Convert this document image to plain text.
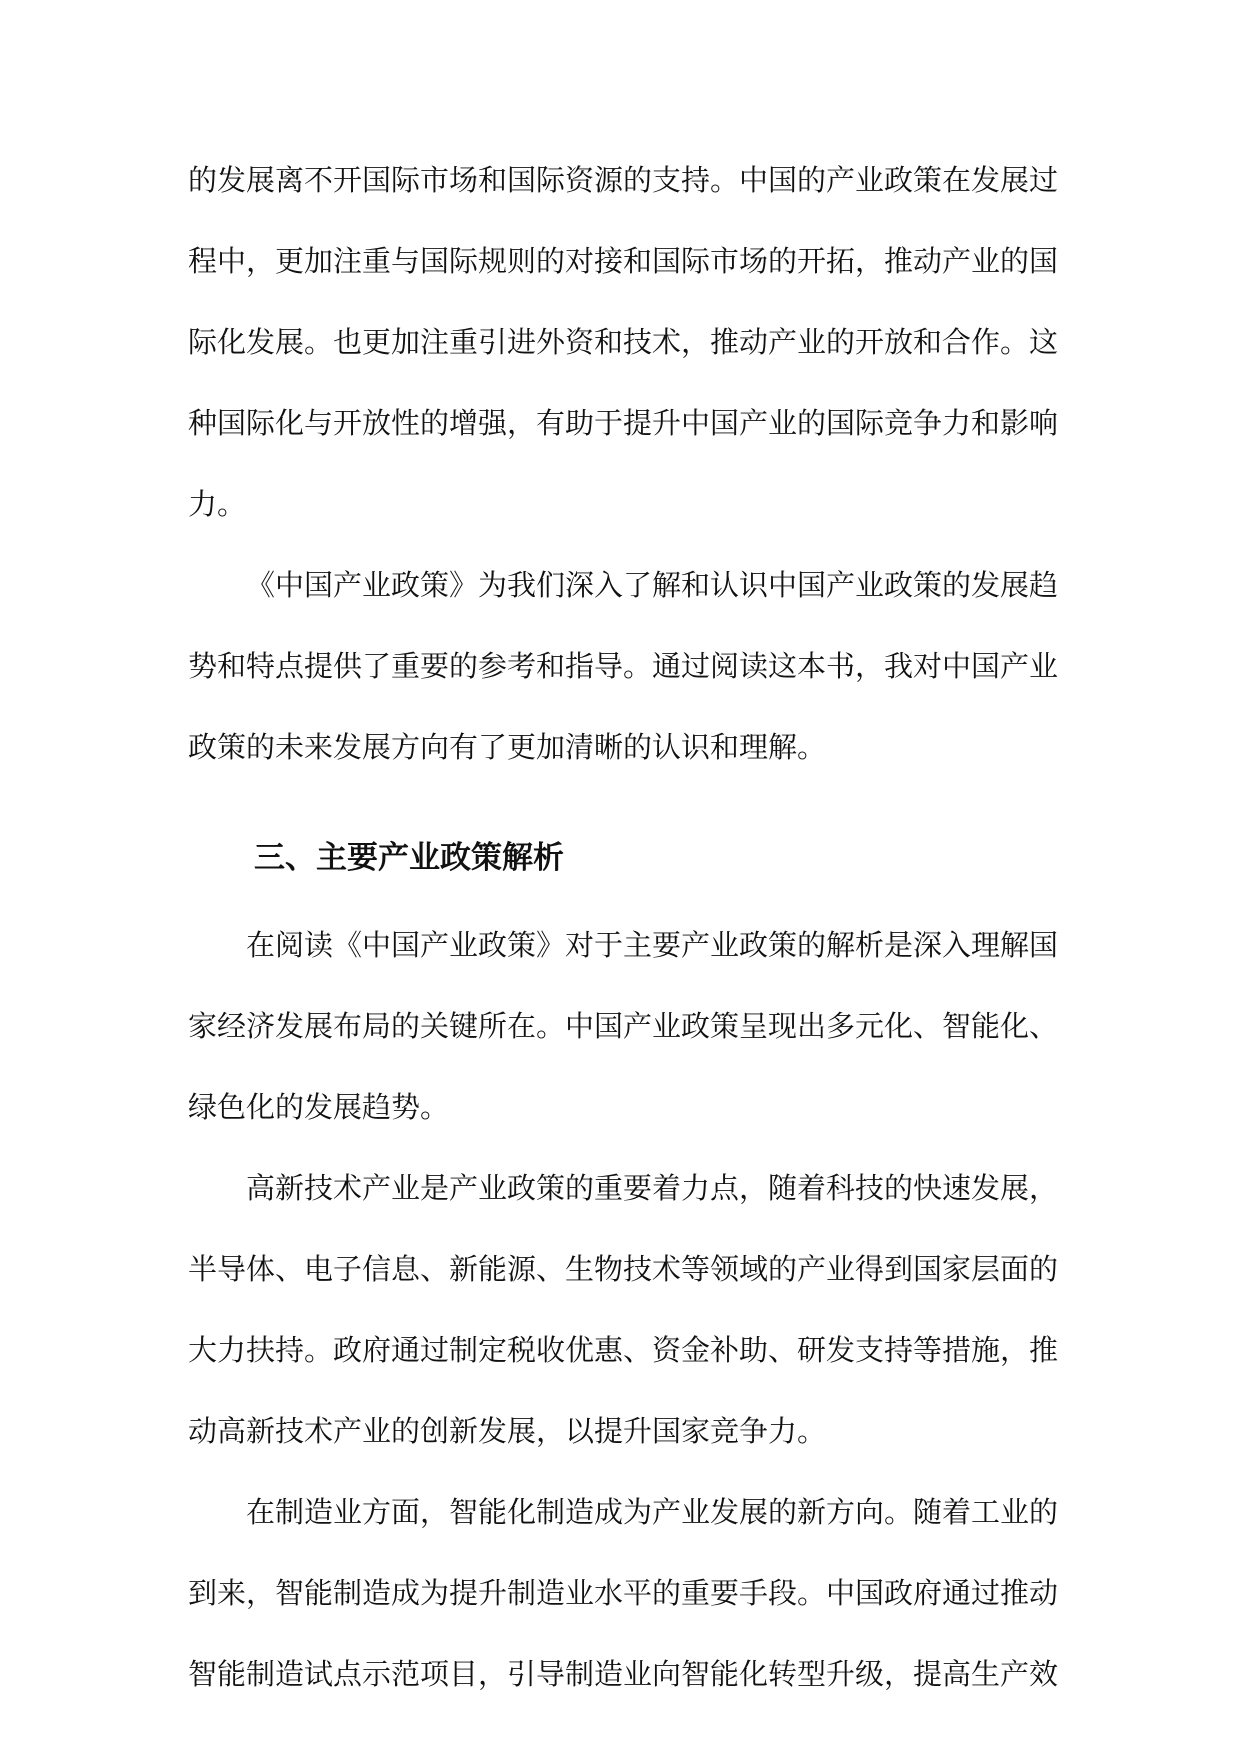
的发展离不开国际市场和国际资源的支持。中国的产业政策在发展过
程中，更加注重与国际规则的对接和国际市场的开拓，推动产业的国
际化发展。也更加注重引进外资和技术，推动产业的开放和合作。这
种国际化与开放性的增强，有助于提升中国产业的国际竞争力和影响
力。
《中国产业政策》为我们深入了解和认识中国产业政策的发展趋
势和特点提供了重要的参考和指导。通过阅读这本书，我对中国产业
政策的未来发展方向有了更加清晰的认识和理解。
三、主要产业政策解析
在阅读《中国产业政策》对于主要产业政策的解析是深入理解国
家经济发展布局的关键所在。中国产业政策呈现出多元化、智能化、
绿色化的发展趋势。
高新技术产业是产业政策的重要着力点，随着科技的快速发展，
半导体、电子信息、新能源、生物技术等领域的产业得到国家层面的
大力扶持。政府通过制定税收优惠、资金补助、研发支持等措施，推
动高新技术产业的创新发展，以提升国家竞争力。
在制造业方面，智能化制造成为产业发展的新方向。随着工业的
到来，智能制造成为提升制造业水平的重要手段。中国政府通过推动
智能制造试点示范项目，引导制造业向智能化转型升级，提高生产效
